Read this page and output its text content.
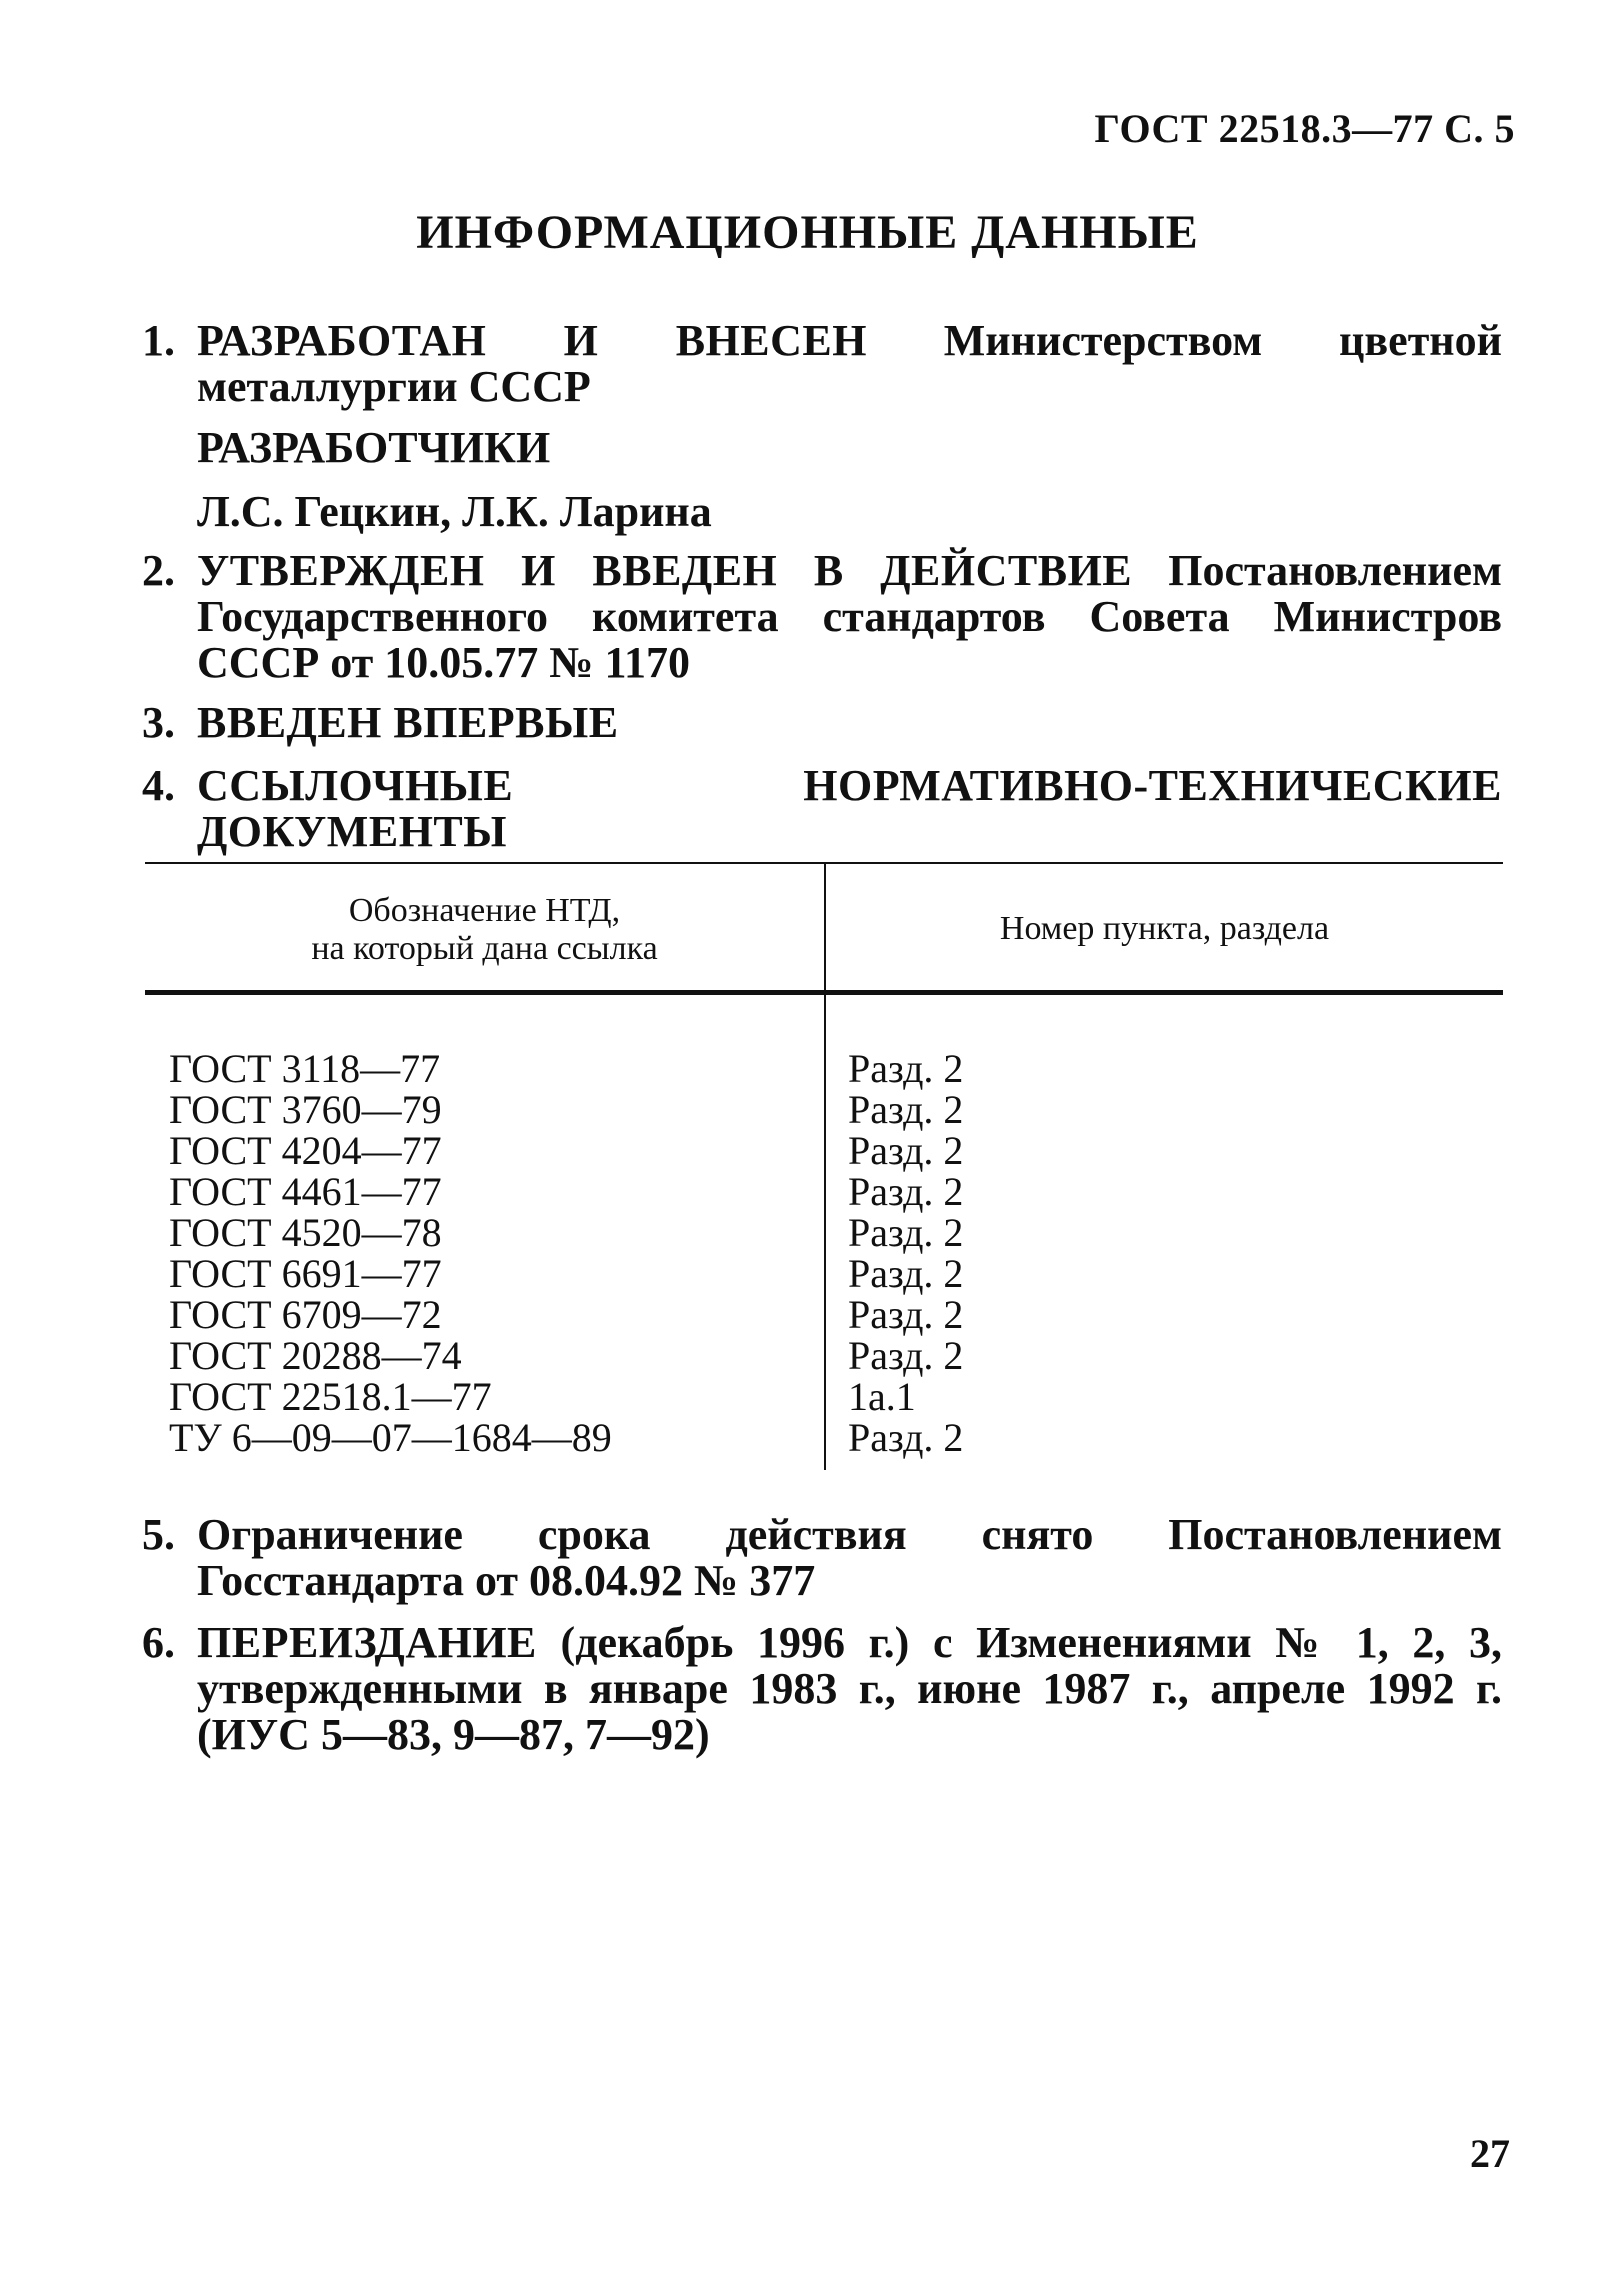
ГОСТ 22518.3—77 С. 5
ИНФОРМАЦИОННЫЕ ДАННЫЕ
1. РАЗРАБОТАН И ВНЕСЕН Министерством цветной металлургии СССР
РАЗРАБОТЧИКИ
Л.С. Гецкин, Л.К. Ларина
2. УТВЕРЖДЕН И ВВЕДЕН В ДЕЙСТВИЕ Постановлением Государственного комитета стандартов Совета Министров СССР от 10.05.77 № 1170
3. ВВЕДЕН ВПЕРВЫЕ
4. ССЫЛОЧНЫЕ НОРМАТИВНО-ТЕХНИЧЕСКИЕ ДОКУМЕНТЫ
Обозначение НТД,
на который дана ссылка
Номер пункта, раздела
ГОСТ 3118—77
ГОСТ 3760—79
ГОСТ 4204—77
ГОСТ 4461—77
ГОСТ 4520—78
ГОСТ 6691—77
ГОСТ 6709—72
ГОСТ 20288—74
ГОСТ 22518.1—77
ТУ 6—09—07—1684—89
Разд. 2
Разд. 2
Разд. 2
Разд. 2
Разд. 2
Разд. 2
Разд. 2
Разд. 2
1а.1
Разд. 2
5. Ограничение срока действия снято Постановлением Госстандарта от 08.04.92 № 377
6. ПЕРЕИЗДАНИЕ (декабрь 1996 г.) с Изменениями № 1, 2, 3, утвержденными в январе 1983 г., июне 1987 г., апреле 1992 г. (ИУС 5—83, 9—87, 7—92)
27
